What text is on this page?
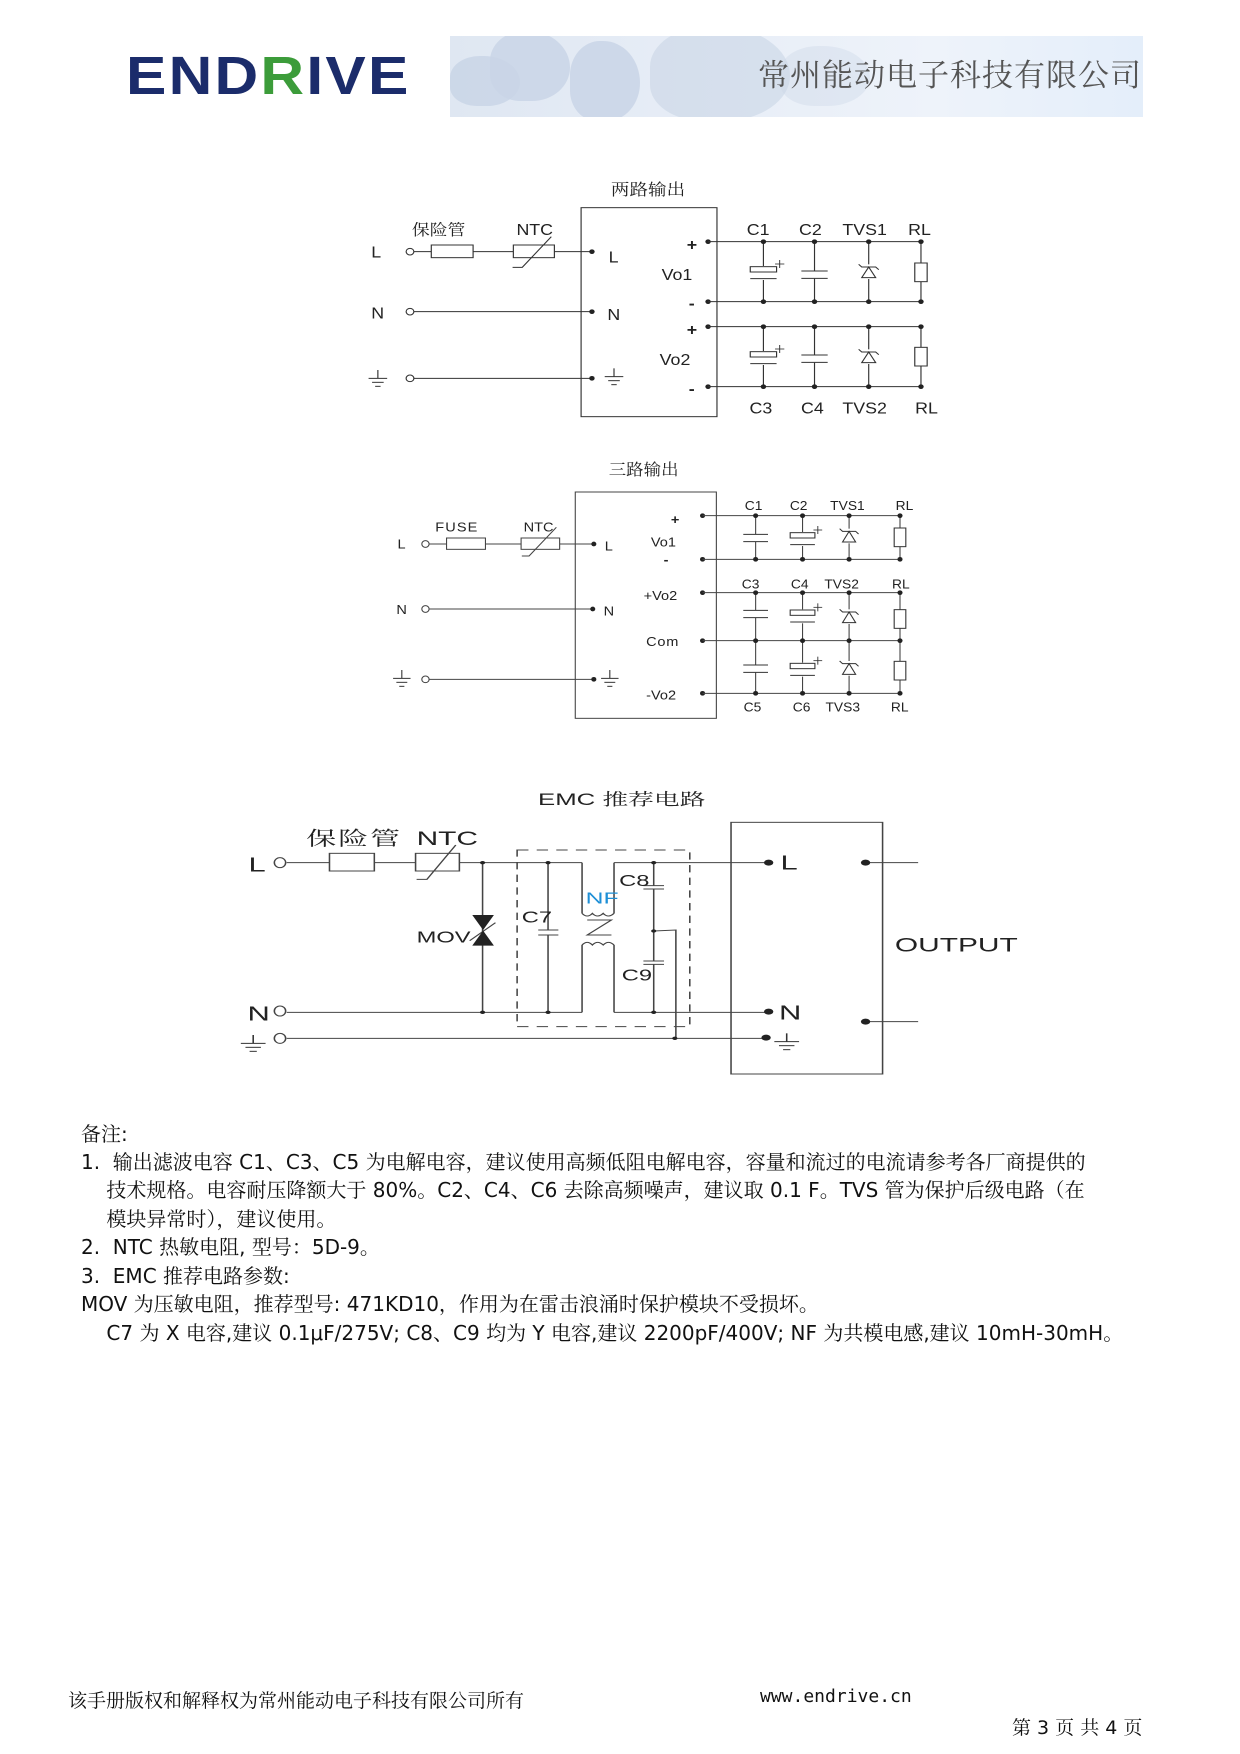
ENDRIVE	常州能动电子科技有限公司
两路输出
保险管 NTC
L
N
L
N
+
Vo1
-
+
Vo2
-
C1 C2 TVS1 RL
C3 C4 TVS2 RL
三路输出
FUSE NTC
L
N
L
N
+
Vo1
-
+Vo2
Com
-Vo2
C1 C2 TVS1 RL
C3 C4 TVS2 RL
C5 C6 TVS3 RL
EMC 推荐电路
保险管 NTC
L
N
MOV
C7
C8
C9
NF
L
N
OUTPUT
备注:
1.  输出滤波电容 C1、C3、C5 为电解电容，建议使用高频低阻电解电容，容量和流过的电流请参考各厂商提供的
技术规格。电容耐压降额大于 80%。C2、C4、C6 去除高频噪声，建议取 0.1 F。TVS 管为保护后级电路（在
模块异常时），建议使用。
2.  NTC 热敏电阻, 型号：5D-9。
3.  EMC 推荐电路参数:
MOV 为压敏电阻，推荐型号: 471KD10，作用为在雷击浪涌时保护模块不受损坏。
C7 为 X 电容,建议 0.1μF/275V; C8、C9 均为 Y 电容,建议 2200pF/400V; NF 为共模电感,建议 10mH-30mH。
该手册版权和解释权为常州能动电子科技有限公司所有	www.endrive.cn
第 3 页 共 4 页
